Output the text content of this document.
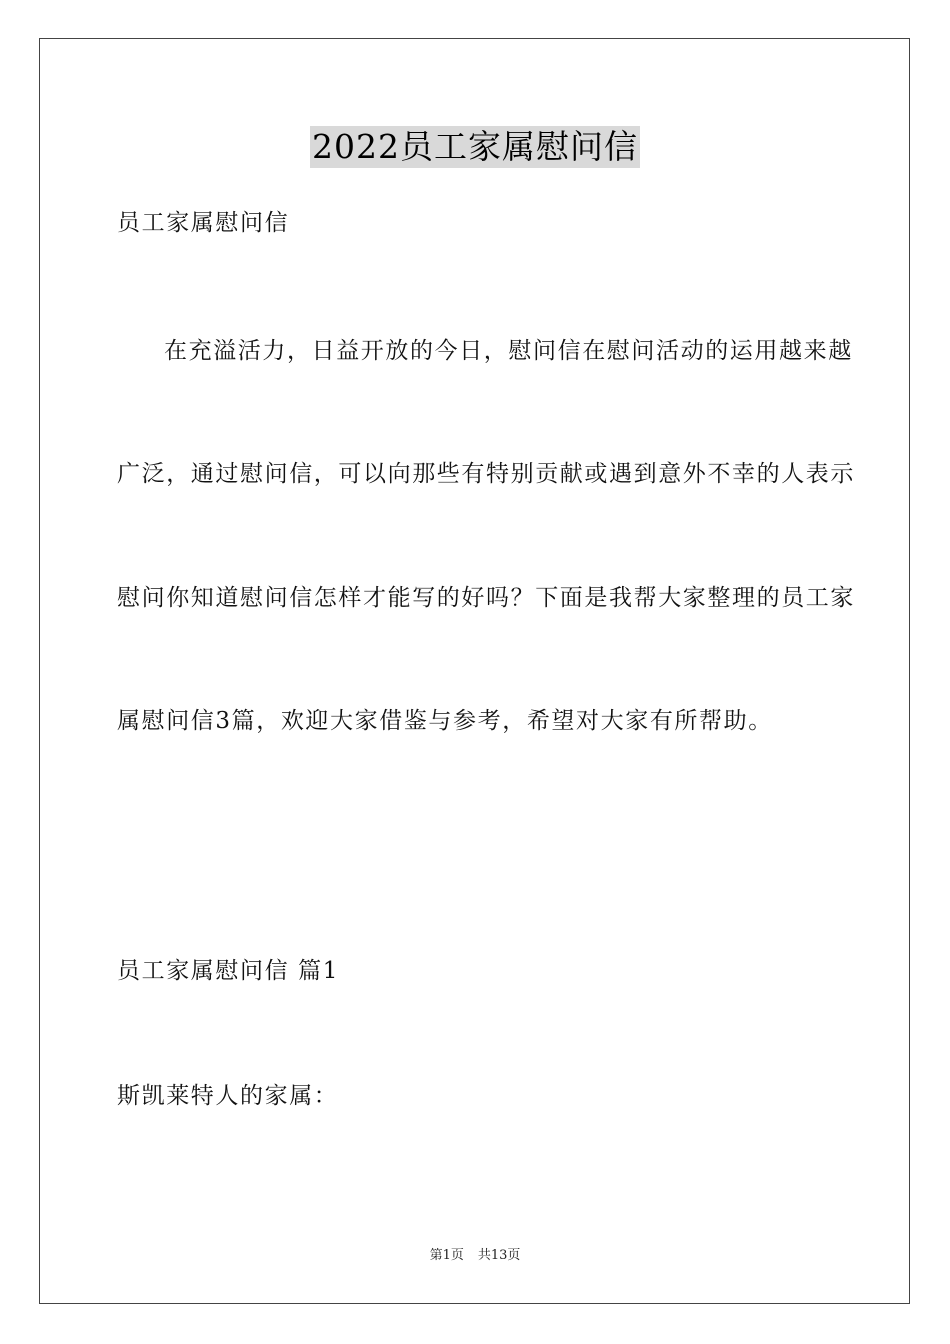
2022员工家属慰问信
员工家属慰问信
在充溢活力，日益开放的今日，慰问信在慰问活动的运用越来越
广泛，通过慰问信，可以向那些有特别贡献或遇到意外不幸的人表示
慰问你知道慰问信怎样才能写的好吗？下面是我帮大家整理的员工家
属慰问信3篇，欢迎大家借鉴与参考，希望对大家有所帮助。
员工家属慰问信 篇1
斯凯莱特人的家属：
第1页 共13页
